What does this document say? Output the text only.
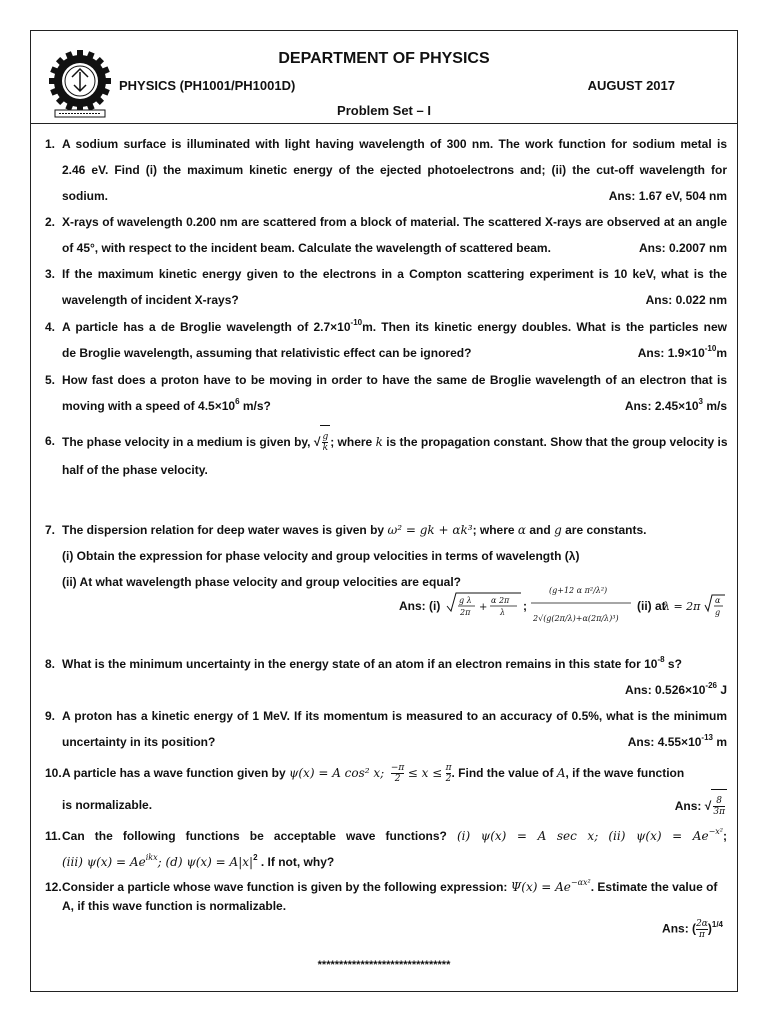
DEPARTMENT OF PHYSICS
PHYSICS (PH1001/PH1001D)	AUGUST 2017
Problem Set – I
1. A sodium surface is illuminated with light having wavelength of 300 nm. The work function for sodium metal is
2.46 eV. Find (i) the maximum kinetic energy of the ejected photoelectrons and; (ii) the cut-off wavelength for
sodium.	Ans: 1.67 eV, 504 nm
2. X-rays of wavelength 0.200 nm are scattered from a block of material. The scattered X-rays are observed at an angle
of 45°, with respect to the incident beam. Calculate the wavelength of scattered beam.	Ans: 0.2007 nm
3. If the maximum kinetic energy given to the electrons in a Compton scattering experiment is 10 keV, what is the
wavelength of incident X-rays?	Ans: 0.022 nm
4. A particle has a de Broglie wavelength of $2.7\times 10^{-10}m$. Then its kinetic energy doubles. What is the particles new
de Broglie wavelength, assuming that relativistic effect can be ignored?	Ans: $1.9\times 10^{-10}m$
5. How fast does a proton have to be moving in order to have the same de Broglie wavelength of an electron that is
moving with a speed of $4.5\times 10^6$ m/s?	Ans: $2.45\times 10^3$ m/s
6. The phase velocity in a medium is given by, √ $\frac{g}{k}$ ; where k is the propagation constant. Show that the group velocity is
half of the phase velocity.
7. The dispersion relation for deep water waves is given by ω² = gk + αk³; where α and g are constants.
(i) Obtain the expression for phase velocity and group velocities in terms of wavelength (λ)
(ii) At what wavelength phase velocity and group velocities are equal?
Ans: (i) g λ
2π +
α 2π
λ ;
(g+12 α π²/λ²)
2√(g(2π/λ)+α(2π/λ)³)
(ii) at
λ = 2π α
g
8. What is the minimum uncertainty in the energy state of an atom if an electron remains in this state for $10^{-8}$ s?
Ans: $0.526\times 10^{-26}$ J
9. A proton has a kinetic energy of 1 MeV. If its momentum is measured to an accuracy of 0.5%, what is the minimum
uncertainty in its position?	Ans: $4.55\times 10^{-13}$ m
10. A particle has a wave function given by ψ(x) = A cos² x; $\frac{-\pi}{2} \le x \le \frac{\pi}{2}$ . Find the value of A, if the wave function
is normalizable.	Ans: √ $\frac{8}{3\pi}$
11. Can the following functions be acceptable wave functions? (i) ψ(x) = A sec x; (ii) $\psi(x) = Ae^{-x^2}$;
(iii) $\psi(x) = Ae^{ikx}$; (d) $\psi(x) = A|x|^2$ . If not, why?
12. Consider a particle whose wave function is given by the following expression: $\Psi(x) = Ae^{-\alpha x^2}$. Estimate the value of
A, if this wave function is normalizable.
Ans: ( $\frac{2\alpha}{\pi} )^{1/4}$
*******************************
